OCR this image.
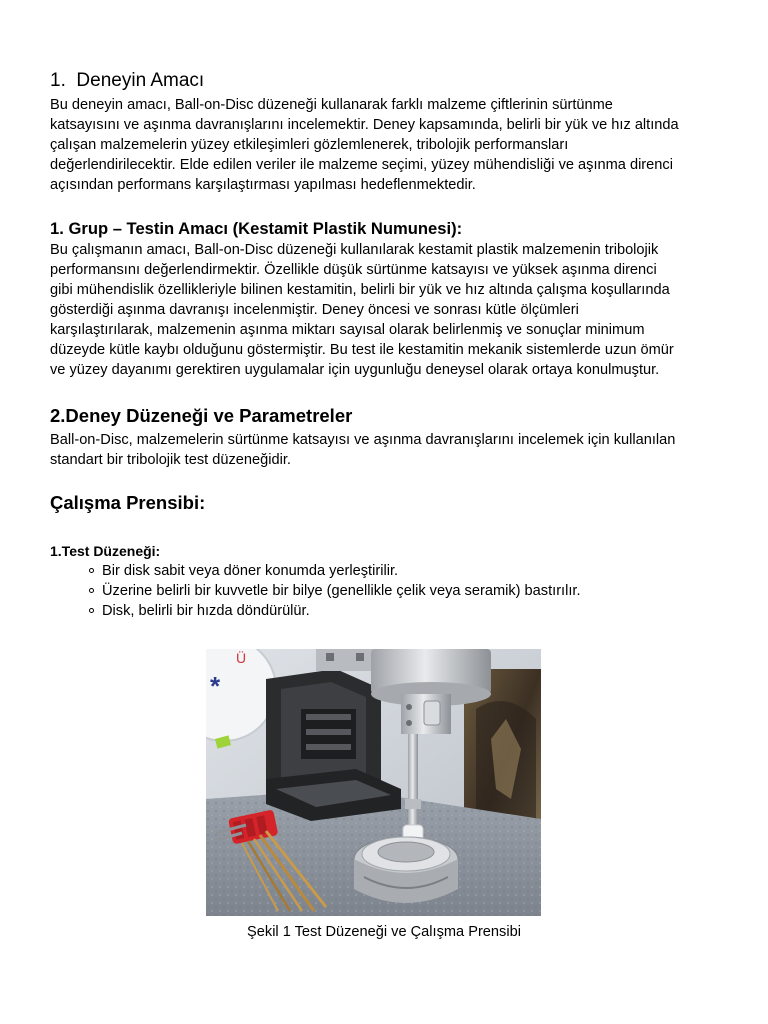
1. Deneyin Amacı
Bu deneyin amacı, Ball-on-Disc düzeneği kullanarak farklı malzeme çiftlerinin sürtünme
katsayısını ve aşınma davranışlarını incelemektir. Deney kapsamında, belirli bir yük ve hız altında
çalışan malzemelerin yüzey etkileşimleri gözlemlenerek, tribolojik performansları
değerlendirilecektir. Elde edilen veriler ile malzeme seçimi, yüzey mühendisliği ve aşınma direnci
açısından performans karşılaştırması yapılması hedeflenmektedir.
1. Grup – Testin Amacı (Kestamit Plastik Numunesi):
Bu çalışmanın amacı, Ball-on-Disc düzeneği kullanılarak kestamit plastik malzemenin tribolojik
performansını değerlendirmektir. Özellikle düşük sürtünme katsayısı ve yüksek aşınma direnci
gibi mühendislik özellikleriyle bilinen kestamitin, belirli bir yük ve hız altında çalışma koşullarında
gösterdiği aşınma davranışı incelenmiştir. Deney öncesi ve sonrası kütle ölçümleri
karşılaştırılarak, malzemenin aşınma miktarı sayısal olarak belirlenmiş ve sonuçlar minimum
düzeyde kütle kaybı olduğunu göstermiştir. Bu test ile kestamitin mekanik sistemlerde uzun ömür
ve yüzey dayanımı gerektiren uygulamalar için uygunluğu deneysel olarak ortaya konulmuştur.
2.Deney Düzeneği ve Parametreler
Ball-on-Disc, malzemelerin sürtünme katsayısı ve aşınma davranışlarını incelemek için kullanılan
standart bir tribolojik test düzeneğidir.
Çalışma Prensibi:
1.Test Düzeneği:
Bir disk sabit veya döner konumda yerleştirilir.
Üzerine belirli bir kuvvetle bir bilye (genellikle çelik veya seramik) bastırılır.
Disk, belirli bir hızda döndürülür.
Ü
*
Şekil 1 Test Düzeneği ve Çalışma Prensibi
